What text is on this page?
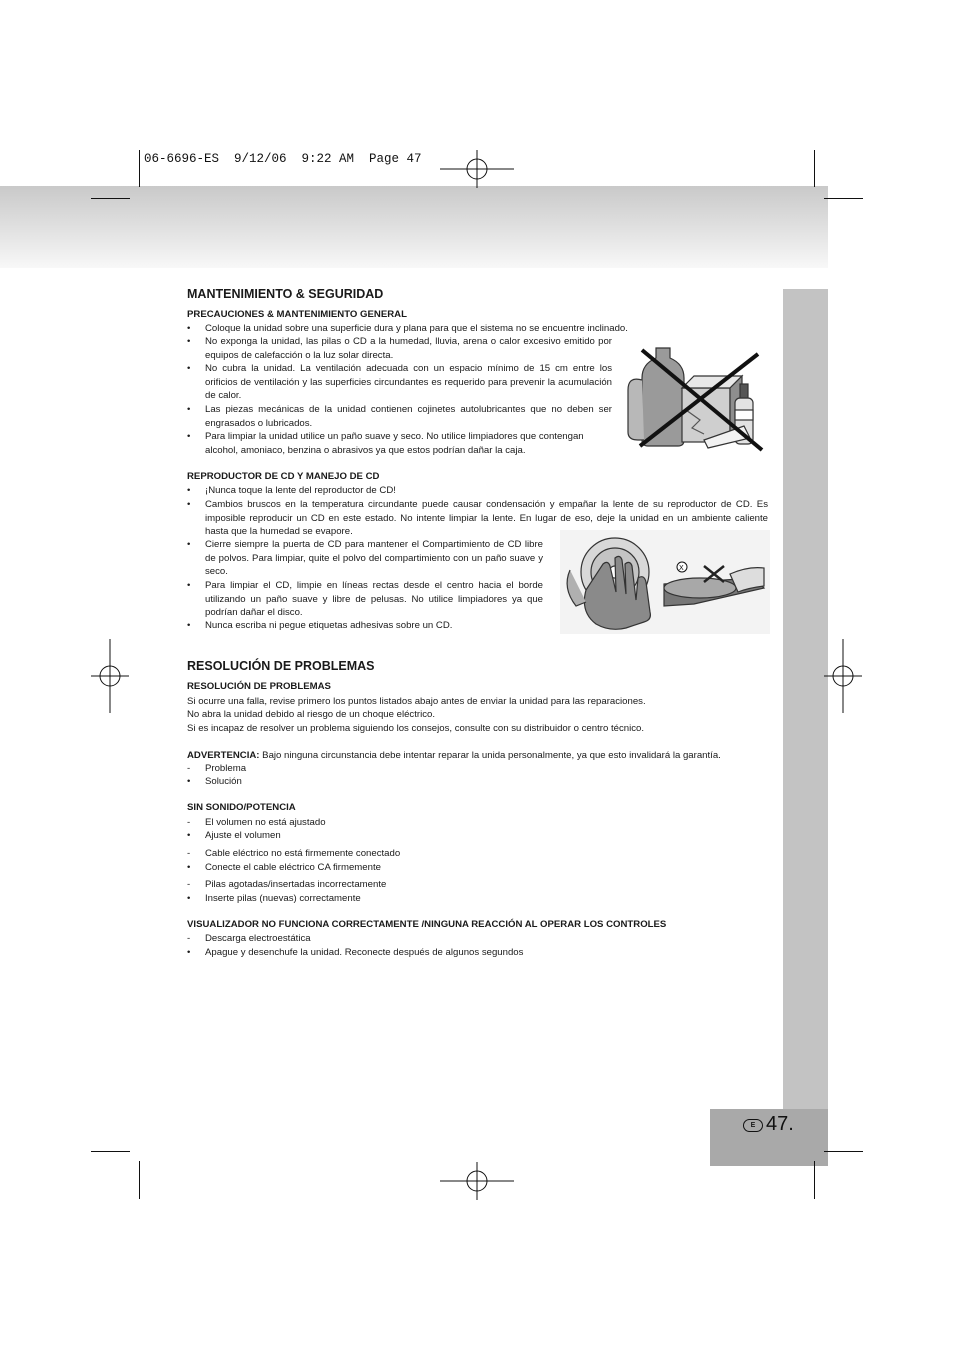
E 47.
06-6696-ES  9/12/06  9:22 AM  Page 47
MANTENIMIENTO & SEGURIDAD
PRECAUCIONES & MANTENIMIENTO GENERAL
•	Coloque la unidad sobre una superficie dura y plana para que el sistema no se encuentre inclinado.
•	No exponga la unidad, las pilas o CD a la humedad, lluvia, arena o calor excesivo emitido por equipos de calefacción o la luz solar directa.
•	No cubra la unidad. La ventilación adecuada con un espacio mínimo de 15 cm entre los orificios de ventilación y las superficies circundantes es requerido para prevenir la acumulación de calor.
•	Las piezas mecánicas de la unidad contienen cojinetes autolubricantes que no deben ser engrasados o lubricados.
•	Para limpiar la unidad utilice un paño suave y seco. No utilice limpiadores que contengan alcohol, amoniaco, benzina o abrasivos ya que estos podrían dañar la caja.
REPRODUCTOR DE CD Y MANEJO DE CD
•	¡Nunca toque la lente del reproductor de CD!
•	Cambios bruscos en la temperatura circundante puede causar condensación y empañar la lente de su reproductor de CD. Es imposible reproducir un CD en este estado. No intente limpiar la lente. En lugar de eso, deje la unidad en un ambiente caliente hasta que la humedad se evapore.
•	Cierre siempre la puerta de CD para mantener el Compartimiento de CD libre de polvos. Para limpiar, quite el polvo del compartimiento con un paño suave y seco.
•	Para limpiar el CD, limpie en líneas rectas desde el centro hacia el borde utilizando un paño suave y libre de pelusas. No utilice limpiadores ya que podrían dañar el disco.
•	Nunca escriba ni pegue etiquetas adhesivas sobre un CD.
X
RESOLUCIÓN DE PROBLEMAS
RESOLUCIÓN DE PROBLEMAS
Si ocurre una falla, revise primero los puntos listados abajo antes de enviar la unidad para las reparaciones.
No abra la unidad debido al riesgo de un choque eléctrico.
Si es incapaz de resolver un problema siguiendo los consejos, consulte con su distribuidor o centro técnico.
ADVERTENCIA: Bajo ninguna circunstancia debe intentar reparar la unida personalmente, ya que esto invalidará la garantía.
-	Problema
•	Solución
SIN SONIDO/POTENCIA
-	El volumen no está ajustado
•	Ajuste el volumen
-	Cable eléctrico no está firmemente conectado
•	Conecte el cable eléctrico CA firmemente
-	Pilas agotadas/insertadas incorrectamente
•	Inserte pilas (nuevas) correctamente
VISUALIZADOR NO FUNCIONA CORRECTAMENTE /NINGUNA REACCIÓN AL OPERAR LOS CONTROLES
-	Descarga electroestática
•	Apague y desenchufe la unidad. Reconecte después de algunos segundos
